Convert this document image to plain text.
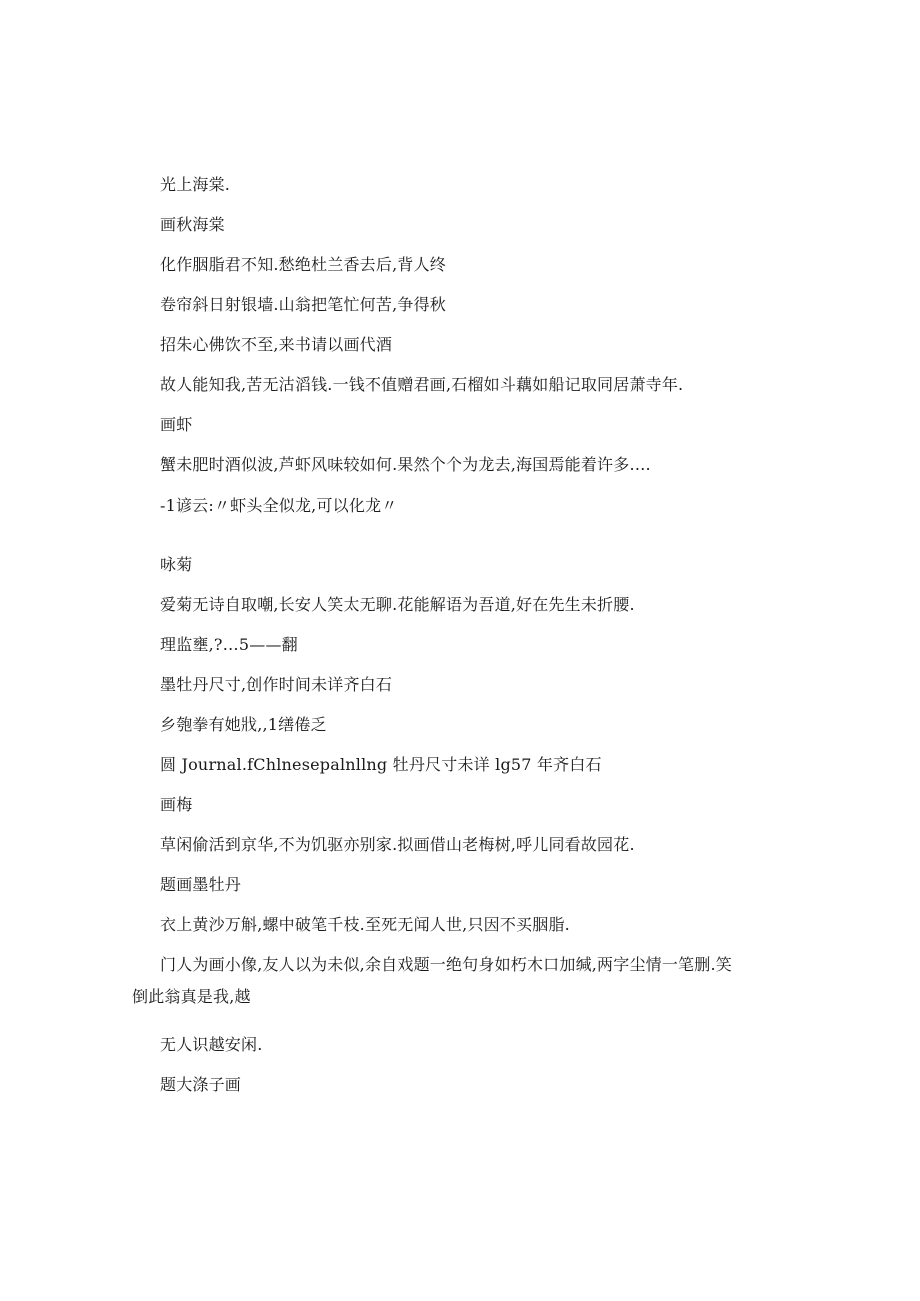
光上海棠.
画秋海棠
化作胭脂君不知.愁绝杜兰香去后,背人终
卷帘斜日射银墙.山翁把笔忙何苦,争得秋
招朱心佛饮不至,来书请以画代酒
故人能知我,苦无沽滔钱.一钱不值赠君画,石榴如斗藕如船记取同居萧寺年.
画虾
蟹未肥时酒似波,芦虾风味较如何.果然个个为龙去,海国焉能着许多.…
-1谚云:〃虾头全似龙,可以化龙〃
咏菊
爱菊无诗自取嘲,长安人笑太无聊.花能解语为吾道,好在先生未折腰.
理监壅,?…5——翻
墨牡丹尺寸,创作时间未详齐白石
乡匏拳有她戕,,1缮倦乏
圆 Journal.fChlnesepalnllng 牡丹尺寸未详 lg57 年齐白石
画梅
草闲偷活到京华,不为饥驱亦别家.拟画借山老梅树,呼儿同看故园花.
题画墨牡丹
衣上黄沙万斛,螺中破笔千枝.至死无闻人世,只因不买胭脂.
门人为画小像,友人以为未似,余自戏题一绝句身如朽木口加缄,两字尘情一笔删.笑
倒此翁真是我,越
无人识越安闲.
题大涤子画
